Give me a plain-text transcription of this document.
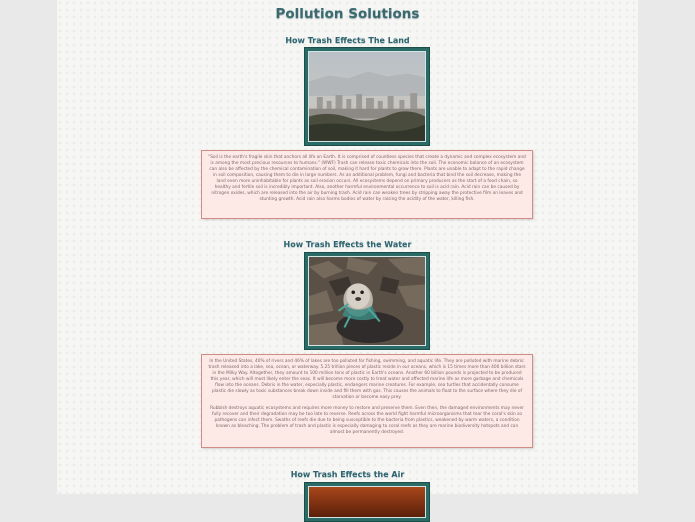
Pollution Solutions
How Trash Effects The Land

"Soil is the earth's fragile skin that anchors all life on Earth. It is comprised of countless species that create a dynamic and complex ecosystem and is among the most precious resources to humans." (WWF) Trash can release toxic chemicals into the soil. The economic balance of an ecosystem can also be affected by the chemical contamination of soil, making it hard for plants to grow there. Plants are unable to adapt to the rapid change in soil composition, causing them to die in large numbers. As an additional problem, fungi and bacteria that bind the soil decrease, making the land even more uninhabitable for plants as soil erosion occurs. All ecosystems depend on primary producers as the start of a food chain, so healthy and fertile soil is incredibly important. Also, another harmful environmental occurrence to soil is acid rain. Acid rain can be caused by nitrogen oxides, which are released into the air by burning trash. Acid rain can weaken trees by stripping away the protective film on leaves and stunting growth. Acid rain also harms bodies of water by raising the acidity of the water, killing fish.

How Trash Effects the Water

In the United States, 40% of rivers and 46% of lakes are too polluted for fishing, swimming, and aquatic life. They are polluted with marine debris: trash released into a lake, sea, ocean, or waterway. 5.25 trillion pieces of plastic reside in our oceans, which is 15 times more than 400 billion stars in the Milky Way. Altogether, they amount to 100 million tons of plastic in Earth's oceans. Another 60 billion pounds is projected to be produced this year, which will most likely enter the seas. It will become more costly to treat water and affected marine life as more garbage and chemicals flow into the oceans. Debris in the water, especially plastic, endangers marine creatures. For example, sea turtles that accidentally consume plastic die slowly as toxic substances break down inside and fill them with gas. This causes the animals to float to the surface where they die of starvation or become easy prey.

Rubbish destroys aquatic ecosystems and requires more money to restore and preserve them. Even then, the damaged environments may never fully recover and their degradation may be too late to reverse. Reefs across the world fight harmful microorganisms that tear the coral's skin so pathogens can infect them. Swaths of reefs die due to being susceptible to the bacteria from plastics, weakened by warm waters, a condition known as bleaching. The problem of trash and plastic is especially damaging to coral reefs as they are marine biodiversity hotspots and can almost be permanently destroyed.

How Trash Effects the Air
